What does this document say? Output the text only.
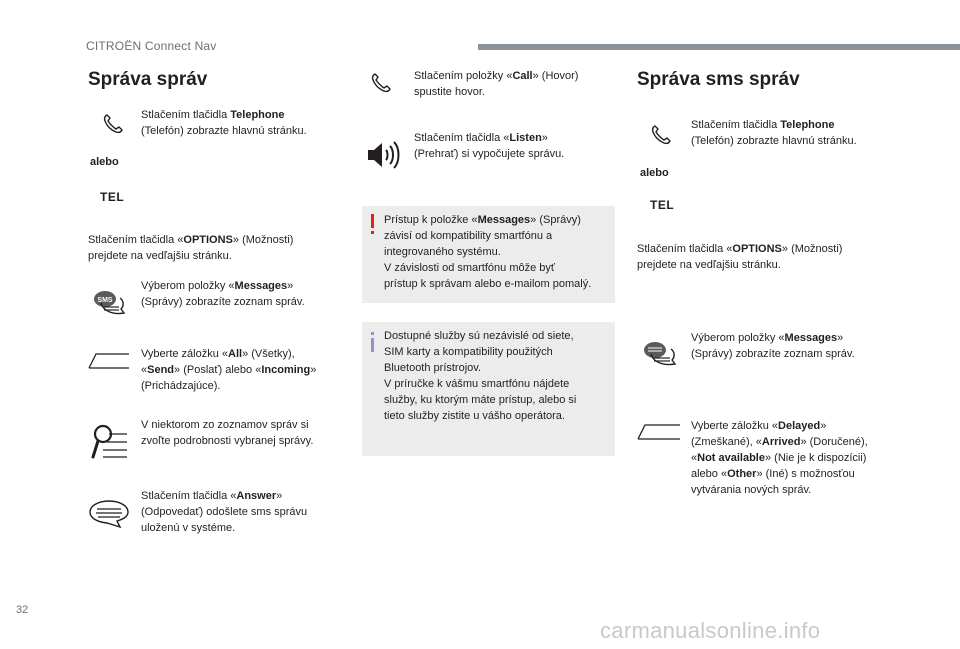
CITROËN Connect Nav
Správa správ

Stlačením tlačidla Telephone

(Telefón) zobrazte hlavnú stránku.

alebo
TEL

Stlačením tlačidla «OPTIONS» (Možnosti)

prejdete na vedľajšiu stránku.

SMS

Výberom položky «Messages»

(Správy) zobrazíte zoznam správ.

Vyberte záložku «All» (Všetky),

«Send» (Poslať) alebo «Incoming»

(Prichádzajúce).

V niektorom zo zoznamov správ si

zvoľte podrobnosti vybranej správy.

Stlačením tlačidla «Answer»

(Odpovedať) odošlete sms správu

uloženú v systéme.

Stlačením položky «Call» (Hovor)

spustite hovor.

Stlačením tlačidla «Listen»

(Prehrať) si vypočujete správu.

Prístup k položke «Messages» (Správy)

závisí od kompatibility smartfónu a

integrovaného systému.

V závislosti od smartfónu môže byť

prístup k správam alebo e-mailom pomalý.

Dostupné služby sú nezávislé od siete,

SIM karty a kompatibility použitých

Bluetooth prístrojov.

V príručke k vášmu smartfónu nájdete

služby, ku ktorým máte prístup, alebo si

tieto služby zistite u vášho operátora.

Správa sms správ

Stlačením tlačidla Telephone

(Telefón) zobrazte hlavnú stránku.

alebo
TEL

Stlačením tlačidla «OPTIONS» (Možnosti)

prejdete na vedľajšiu stránku.

Výberom položky «Messages»

(Správy) zobrazíte zoznam správ.

Vyberte záložku «Delayed»

(Zmeškané), «Arrived» (Doručené),

«Not available» (Nie je k dispozícii)

alebo «Other» (Iné) s možnosťou

vytvárania nových správ.

32
carmanualsonline.info
